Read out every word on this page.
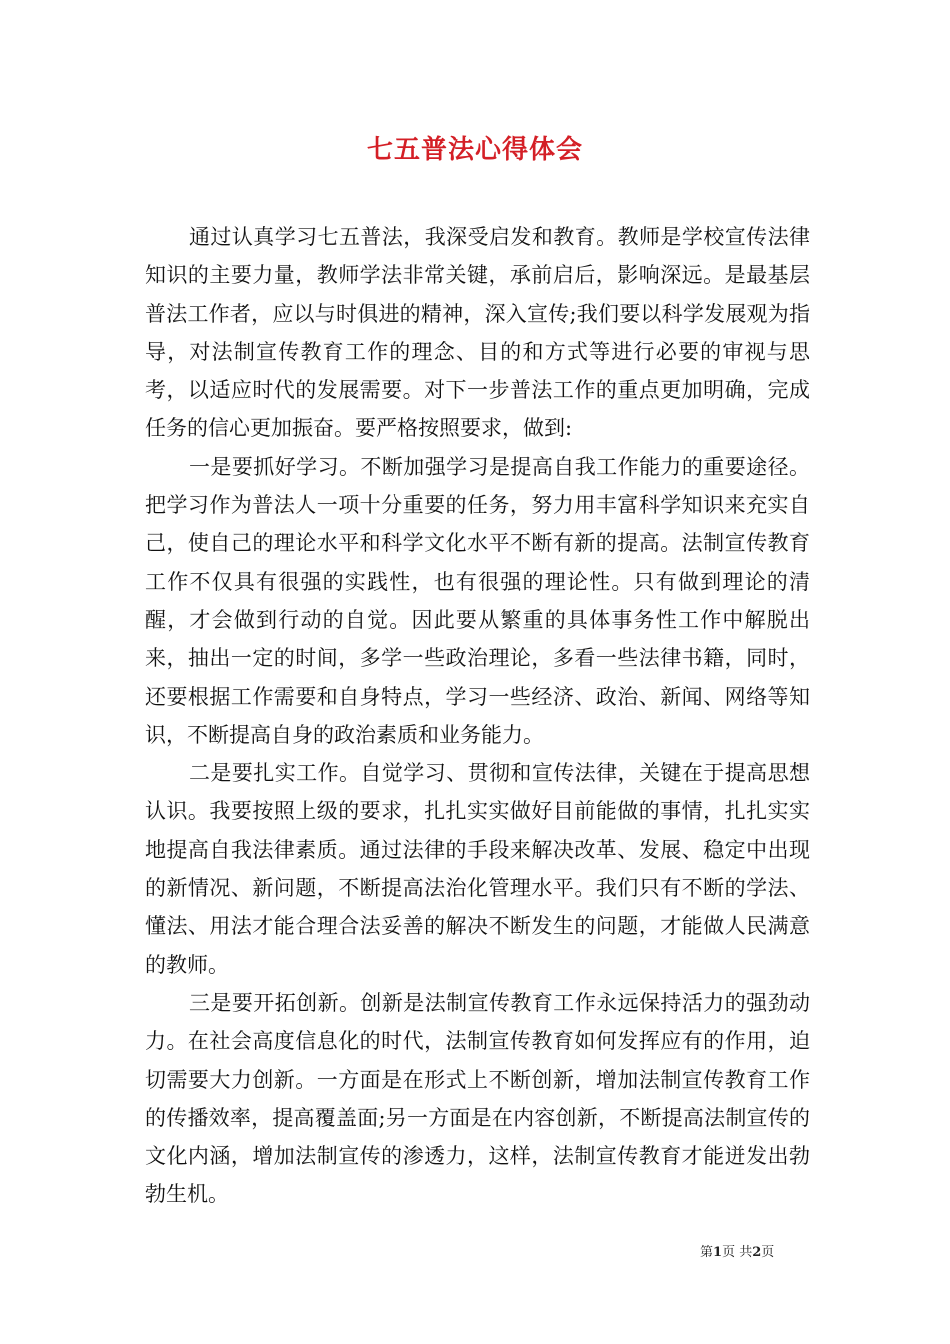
七五普法心得体会

通过认真学习七五普法，我深受启发和教育。教师是学校宣传法律知识的主要力量，教师学法非常关键，承前启后，影响深远。是最基层普法工作者，应以与时俱进的精神，深入宣传;我们要以科学发展观为指导，对法制宣传教育工作的理念、目的和方式等进行必要的审视与思考，以适应时代的发展需要。对下一步普法工作的重点更加明确，完成任务的信心更加振奋。要严格按照要求，做到:

一是要抓好学习。不断加强学习是提高自我工作能力的重要途径。把学习作为普法人一项十分重要的任务，努力用丰富科学知识来充实自己，使自己的理论水平和科学文化水平不断有新的提高。法制宣传教育工作不仅具有很强的实践性，也有很强的理论性。只有做到理论的清醒，才会做到行动的自觉。因此要从繁重的具体事务性工作中解脱出来，抽出一定的时间，多学一些政治理论，多看一些法律书籍，同时，还要根据工作需要和自身特点，学习一些经济、政治、新闻、网络等知识，不断提高自身的政治素质和业务能力。

二是要扎实工作。自觉学习、贯彻和宣传法律，关键在于提高思想认识。我要按照上级的要求，扎扎实实做好目前能做的事情，扎扎实实地提高自我法律素质。通过法律的手段来解决改革、发展、稳定中出现的新情况、新问题，不断提高法治化管理水平。我们只有不断的学法、懂法、用法才能合理合法妥善的解决不断发生的问题，才能做人民满意的教师。

三是要开拓创新。创新是法制宣传教育工作永远保持活力的强劲动力。在社会高度信息化的时代，法制宣传教育如何发挥应有的作用，迫切需要大力创新。一方面是在形式上不断创新，增加法制宣传教育工作的传播效率，提高覆盖面;另一方面是在内容创新，不断提高法制宣传的文化内涵，增加法制宣传的渗透力，这样，法制宣传教育才能迸发出勃勃生机。

第1页 共2页
